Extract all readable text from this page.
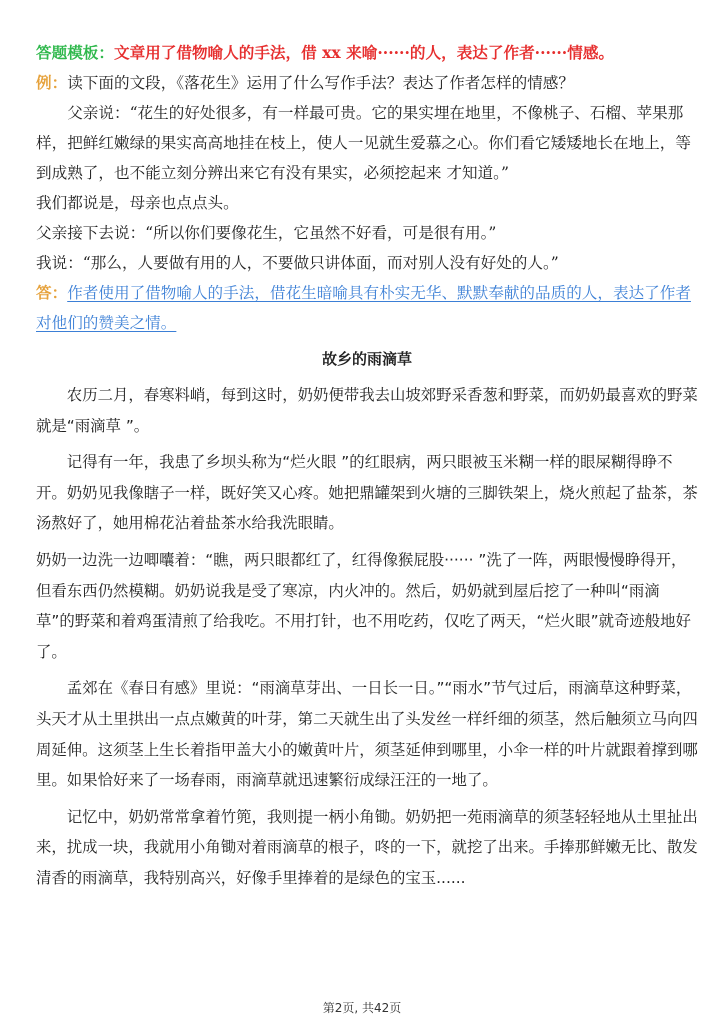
答题模板：文章用了借物喻人的手法，借 xx 来喻······的人，表达了作者······情感。
例：读下面的文段，《落花生》运用了什么写作手法？表达了作者怎样的情感？
父亲说：“花生的好处很多，有一样最可贵。它的果实埋在地里，不像桃子、石榴、苹果那样，把鲜红嫩绿的果实高高地挂在枝上，使人一见就生爱慕之心。你们看它矮矮地长在地上，等到成熟了，也不能立刻分辨出来它有没有果实，必须挖起来 才知道。”
我们都说是，母亲也点点头。
父亲接下去说：“所以你们要像花生，它虽然不好看，可是很有用。”
我说：“那么，人要做有用的人，不要做只讲体面，而对别人没有好处的人。”
答：作者使用了借物喻人的手法，借花生暗喻具有朴实无华、默默奉献的品质的人，表达了作者对他们的赞美之情。
故乡的雨滴草

农历二月，春寒料峭，每到这时，奶奶便带我去山坡郊野采香葱和野菜，而奶奶最喜欢的野菜就是“雨滴草 ”。

记得有一年，我患了乡坝头称为“烂火眼 ”的红眼病，两只眼被玉米糊一样的眼屎糊得睁不开。奶奶见我像瞎子一样，既好笑又心疼。她把鼎罐架到火塘的三脚铁架上，烧火煎起了盐茶，茶汤熬好了，她用棉花沾着盐茶水给我洗眼睛。

奶奶一边洗一边唧囔着：“瞧，两只眼都红了，红得像猴屁股······ ”洗了一阵，两眼慢慢睁得开，但看东西仍然模糊。奶奶说我是受了寒凉，内火冲的。然后，奶奶就到屋后挖了一种叫“雨滴草”的野菜和着鸡蛋清煎了给我吃。不用打针，也不用吃药，仅吃了两天，“烂火眼”就奇迹般地好了。

孟郊在《春日有感》里说：“雨滴草芽出、一日长一日。”“雨水”节气过后，雨滴草这种野菜，头天才从土里拱出一点点嫩黄的叶芽，第二天就生出了头发丝一样纤细的须茎，然后触须立马向四周延伸。这须茎上生长着指甲盖大小的嫩黄叶片，须茎延伸到哪里，小伞一样的叶片就跟着撑到哪里。如果恰好来了一场春雨，雨滴草就迅速繁衍成绿汪汪的一地了。

记忆中，奶奶常常拿着竹篼，我则提一柄小角锄。奶奶把一苑雨滴草的须茎轻轻地从土里扯出来，扰成一块，我就用小角锄对着雨滴草的根子，咚的一下，就挖了出来。手捧那鲜嫩无比、散发清香的雨滴草，我特别高兴，好像手里捧着的是绿色的宝玉......

第2页, 共42页
